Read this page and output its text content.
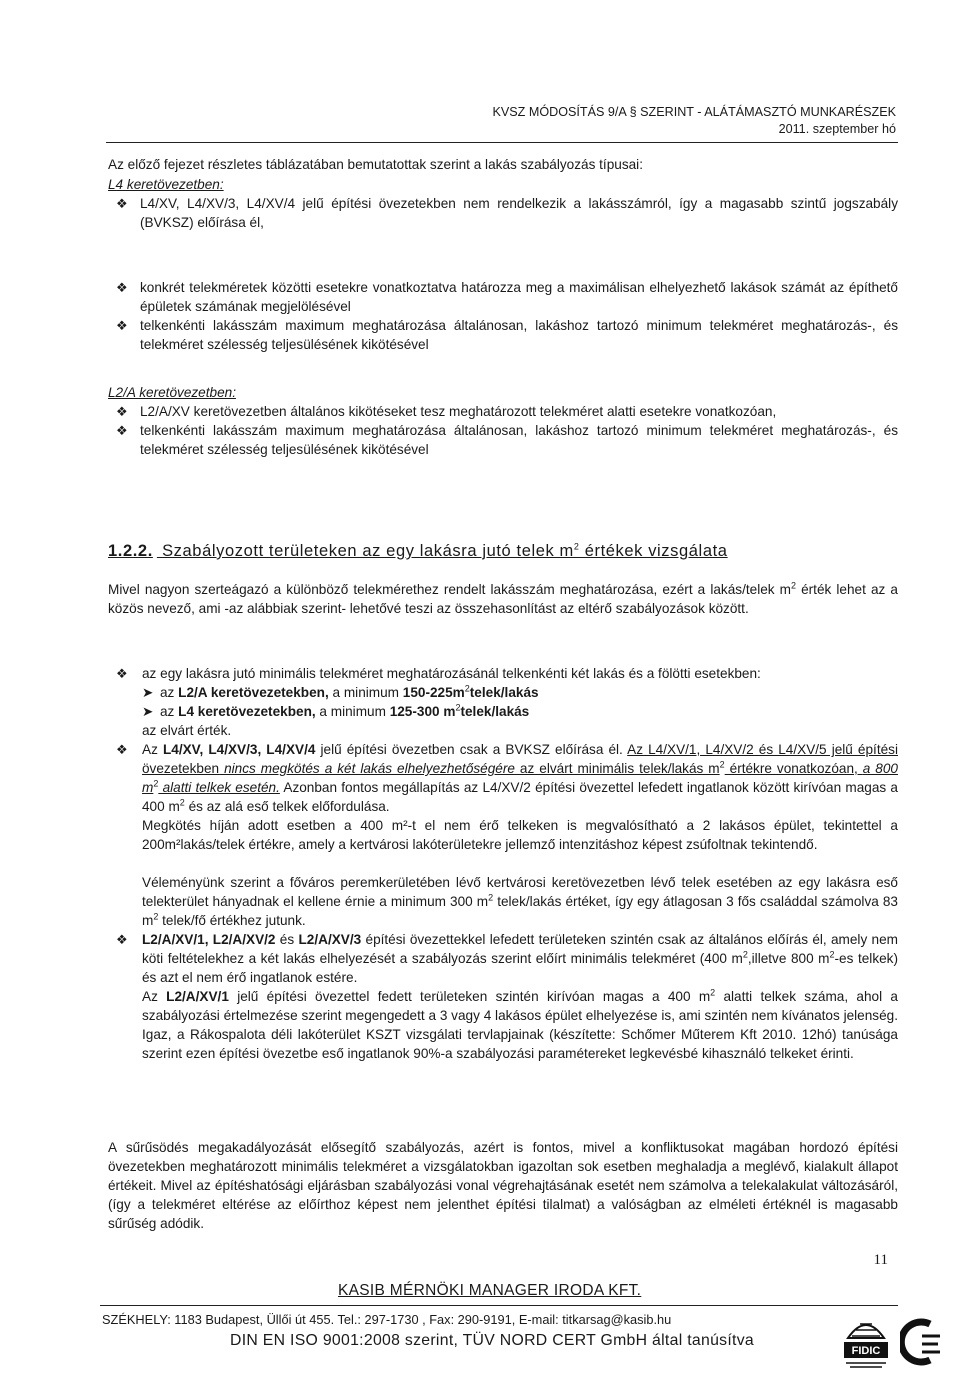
KVSZ MÓDOSÍTÁS 9/A § SZERINT - ALÁTÁMASZTÓ MUNKARÉSZEK
2011. szeptember hó
Az előző fejezet részletes táblázatában bemutatottak szerint a lakás szabályozás típusai:
L4 keretövezetben:
❖ L4/XV, L4/XV/3, L4/XV/4 jelű építési övezetekben nem rendelkezik a lakásszámról, így a magasabb szintű jogszabály (BVKSZ) előírása él,
❖ konkrét telekméretek közötti esetekre vonatkoztatva határozza meg a maximálisan elhelyezhető lakások számát az építhető épületek számának megjelölésével
❖ telkenkénti lakásszám maximum meghatározása általánosan, lakáshoz tartozó minimum telekméret meghatározás-, és telekméret szélesség teljesülésének kikötésével
L2/A keretövezetben:
❖ L2/A/XV keretövezetben általános kikötéseket tesz meghatározott telekméret alatti esetekre vonatkozóan,
❖ telkenkénti lakásszám maximum meghatározása általánosan, lakáshoz tartozó minimum telekméret meghatározás-, és telekméret szélesség teljesülésének kikötésével
1.2.2. Szabályozott területeken az egy lakásra jutó telek $m^2$ értékek vizsgálata
Mivel nagyon szerteágazó a különböző telekmérethez rendelt lakásszám meghatározása, ezért a lakás/telek $m^2$ érték lehet az a közös nevező, ami -az alábbiak szerint- lehetővé teszi az összehasonlítást az eltérő szabályozások között.
❖ az egy lakásra jutó minimális telekméret meghatározásánál telkenkénti két lakás és a fölötti esetekben:
➤ az L2/A keretövezetekben, a minimum $150-225m^2telek$/lakás
➤ az L4 keretövezetekben, a minimum 125-300 $m^2telek$/lakás
az elvárt érték.
❖ Az L4/XV, L4/XV/3, L4/XV/4 jelű építési övezetben csak a BVKSZ előírása él. Az L4/XV/1, L4/XV/2 és L4/XV/5 jelű építési övezetekben nincs megkötés a két lakás elhelyezhetőségére az elvárt minimális telek/lakás $m^2$ értékre vonatkozóan, a 800 $m^2$ alatti telkek esetén. Azonban fontos megállapítás az L4/XV/2 építési övezettel lefedett ingatlanok között kirívóan magas a 400 $m^2$ és az alá eső telkek előfordulása.
Megkötés híján adott esetben a 400 m²-t el nem érő telkeken is megvalósítható a 2 lakásos épület, tekintettel a 200m²lakás/telek értékre, amely a kertvárosi lakóterületekre jellemző intenzitáshoz képest zsúfoltnak tekintendő.
Véleményünk szerint a főváros peremkerületében lévő kertvárosi keretövezetben lévő telek esetében az egy lakásra eső telekterület hányadnak el kellene érnie a minimum 300 $m^2$ telek/lakás értéket, így egy átlagosan 3 fős családdal számolva 83 $m^2$ telek/fő értékhez jutunk.
❖ L2/A/XV/1, L2/A/XV/2 és L2/A/XV/3 építési övezettekkel lefedett területeken szintén csak az általános előírás él, amely nem köti feltételekhez a két lakás elhelyezését a szabályozás szerint előírt minimális telekméret (400 $m^2,illetve$ 800 $m^2-es$ telkek) és azt el nem érő ingatlanok estére.
Az L2/A/XV/1 jelű építési övezettel fedett területeken szintén kirívóan magas a 400 $m^2$ alatti telkek száma, ahol a szabályozási értelmezése szerint megengedett a 3 vagy 4 lakásos épület elhelyezése is, ami szintén nem kívánatos jelenség. Igaz, a Rákospalota déli lakóterület KSZT vizsgálati tervlapjainak (készítette: Schőmer Műterem Kft 2010. 12hó) tanúsága szerint ezen építési övezetbe eső ingatlanok 90%-a szabályozási paramétereket legkevésbé kihasználó telkeket érinti.
A sűrűsödés megakadályozását elősegítő szabályozás, azért is fontos, mivel a konfliktusokat magában hordozó építési övezetekben meghatározott minimális telekméret a vizsgálatokban igazoltan sok esetben meghaladja a meglévő, kialakult állapot értékeit. Mivel az építéshatósági eljárásban szabályozási vonal végrehajtásának esetét nem számolva a telekalakulat változásáról, (így a telekméret eltérése az előírthoz képest nem jelenthet építési tilalmat) a valóságban az elméleti értéknél is magasabb sűrűség adódik.
11
KASIB MÉRNÖKI MANAGER IRODA KFT.
SZÉKHELY: 1183 Budapest, Üllői út 455. Tel.: 297-1730 , Fax: 290-9191, E-mail: titkarsag@kasib.hu
DIN EN ISO 9001:2008 szerint, TÜV NORD CERT GmbH által tanúsítva
FIDIC
